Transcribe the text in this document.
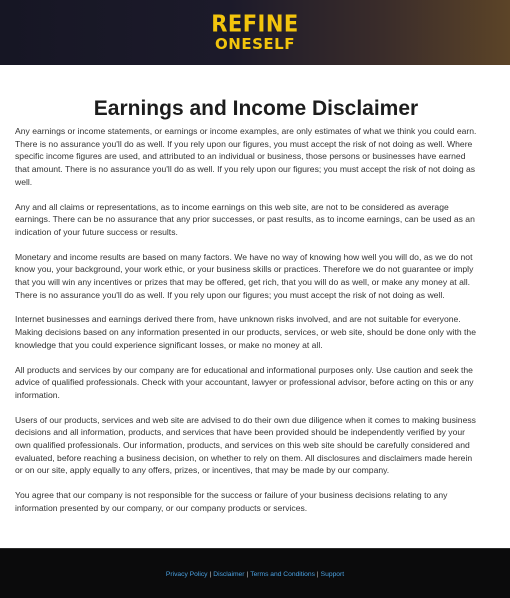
REFINE
ONESELF
Earnings and Income Disclaimer
Any earnings or income statements, or earnings or income examples, are only estimates of what we think you could earn.
There is no assurance you'll do as well. If you rely upon our figures, you must accept the risk of not doing as well. Where
specific income figures are used, and attributed to an individual or business, those persons or businesses have earned
that amount. There is no assurance you'll do as well. If you rely upon our figures; you must accept the risk of not doing as
well.
Any and all claims or representations, as to income earnings on this web site, are not to be considered as average
earnings. There can be no assurance that any prior successes, or past results, as to income earnings, can be used as an
indication of your future success or results.
Monetary and income results are based on many factors. We have no way of knowing how well you will do, as we do not
know you, your background, your work ethic, or your business skills or practices. Therefore we do not guarantee or imply
that you will win any incentives or prizes that may be offered, get rich, that you will do as well, or make any money at all.
There is no assurance you'll do as well. If you rely upon our figures; you must accept the risk of not doing as well.
Internet businesses and earnings derived there from, have unknown risks involved, and are not suitable for everyone.
Making decisions based on any information presented in our products, services, or web site, should be done only with the
knowledge that you could experience significant losses, or make no money at all.
All products and services by our company are for educational and informational purposes only. Use caution and seek the
advice of qualified professionals. Check with your accountant, lawyer or professional advisor, before acting on this or any
information.
Users of our products, services and web site are advised to do their own due diligence when it comes to making business
decisions and all information, products, and services that have been provided should be independently verified by your
own qualified professionals. Our information, products, and services on this web site should be carefully considered and
evaluated, before reaching a business decision, on whether to rely on them. All disclosures and disclaimers made herein
or on our site, apply equally to any offers, prizes, or incentives, that may be made by our company.
You agree that our company is not responsible for the success or failure of your business decisions relating to any
information presented by our company, or our company products or services.
Privacy Policy | Disclaimer | Terms and Conditions | Support
